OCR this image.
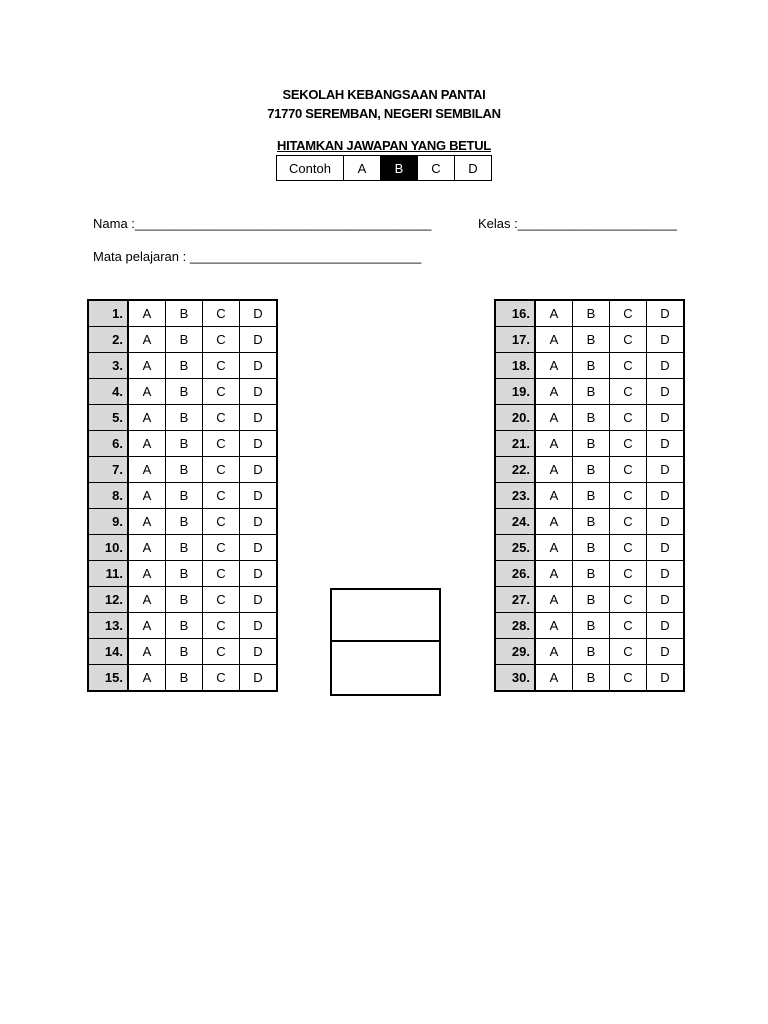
SEKOLAH KEBANGSAAN PANTAI
71770 SEREMBAN, NEGERI SEMBILAN
HITAMKAN JAWAPAN YANG BETUL
Contoh	A	B	C	D
Nama :_________________________________________	Kelas :______________________
Mata pelajaran : ________________________________
1.	A	B	C	D
2.	A	B	C	D
3.	A	B	C	D
4.	A	B	C	D
5.	A	B	C	D
6.	A	B	C	D
7.	A	B	C	D
8.	A	B	C	D
9.	A	B	C	D
10.	A	B	C	D
11.	A	B	C	D
12.	A	B	C	D
13.	A	B	C	D
14.	A	B	C	D
15.	A	B	C	D
16.	A	B	C	D
17.	A	B	C	D
18.	A	B	C	D
19.	A	B	C	D
20.	A	B	C	D
21.	A	B	C	D
22.	A	B	C	D
23.	A	B	C	D
24.	A	B	C	D
25.	A	B	C	D
26.	A	B	C	D
27.	A	B	C	D
28.	A	B	C	D
29.	A	B	C	D
30.	A	B	C	D
